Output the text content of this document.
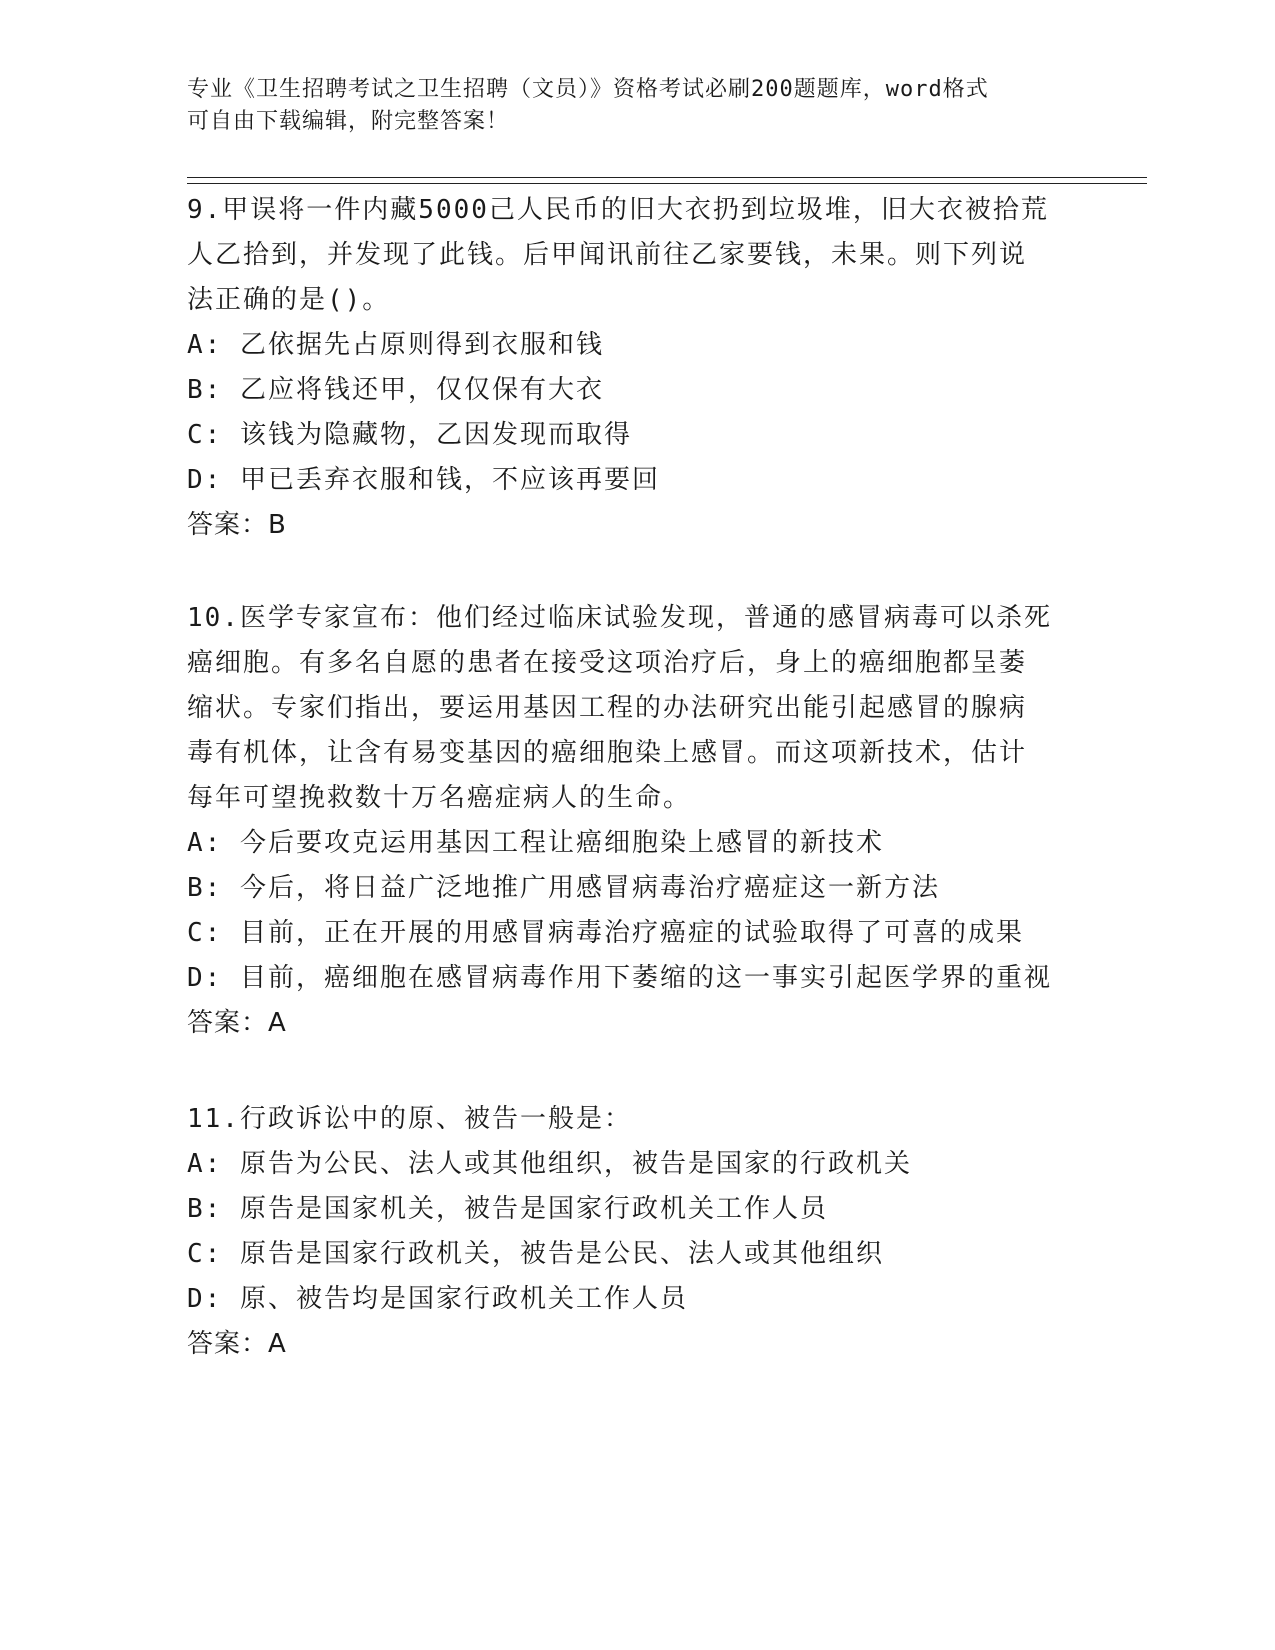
专业《卫生招聘考试之卫生招聘（文员）》资格考试必刷200题题库，word格式
可自由下载编辑，附完整答案！

9.甲误将一件内藏5000己人民币的旧大衣扔到垃圾堆，旧大衣被拾荒

人乙拾到，并发现了此钱。后甲闻讯前往乙家要钱，未果。则下列说

法正确的是()。

A: 乙依据先占原则得到衣服和钱

B: 乙应将钱还甲，仅仅保有大衣

C: 该钱为隐藏物，乙因发现而取得

D: 甲已丢弃衣服和钱，不应该再要回

答案：B

10.医学专家宣布：他们经过临床试验发现，普通的感冒病毒可以杀死

癌细胞。有多名自愿的患者在接受这项治疗后，身上的癌细胞都呈萎

缩状。专家们指出，要运用基因工程的办法研究出能引起感冒的腺病

毒有机体，让含有易变基因的癌细胞染上感冒。而这项新技术，估计

每年可望挽救数十万名癌症病人的生命。

A: 今后要攻克运用基因工程让癌细胞染上感冒的新技术

B: 今后，将日益广泛地推广用感冒病毒治疗癌症这一新方法

C: 目前，正在开展的用感冒病毒治疗癌症的试验取得了可喜的成果

D: 目前，癌细胞在感冒病毒作用下萎缩的这一事实引起医学界的重视

答案：A

11.行政诉讼中的原、被告一般是：

A: 原告为公民、法人或其他组织，被告是国家的行政机关

B: 原告是国家机关，被告是国家行政机关工作人员

C: 原告是国家行政机关，被告是公民、法人或其他组织

D: 原、被告均是国家行政机关工作人员

答案：A
